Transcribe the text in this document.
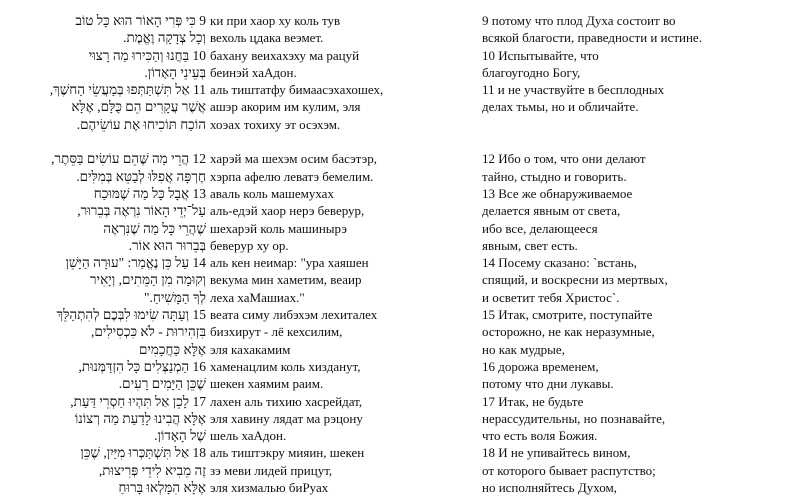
9 כִּי פְּרִי הָאוֹר הוּא כָּל טוֹב
וְכָל צְדָקָה וֶאֱמֶת.
10 בַּחֲנוּ וְהַכִּירוּ מַה רָצוּי
בְּעֵינֵי הָאָדוֹן.
11 אַל תִּשְׁתַּתְּפוּ בְּמַעֲשֵׂי הַחשֶׁךְ,
אֲשֶׁר עֲקָרִים הֵם כֻּלָּם, אֶלָּא
הוֹכַח תּוֹכִיחוּ אֶת עוֹשֵׂיהֶם.
12 הֲרֵי מַה שֶּׁהֵם עוֹשִׂים בַּסֵּתֶר,
חֶרְפָּה אֲפִלּוּ לְבַטֵּא בְּמִלִּים.
13 אֲבָל כָּל מַה שֶׁמּוּכַח
עַל־יְדֵי הָאוֹר נִרְאֶה בְּבֵרוּר,
שֶׁהֲרֵי כָּל מַה שֶׁנִּרְאֶה
בְּבֵרוּר הוּא אוֹר.
14 עַל כֵּן נֶאֱמַר: "עוּרָה הַיָּשֵׁן
וְקוּמָה מִן הַמֵּתִים, וְיָאִיר
לְךָ הַמָּשִׁיחַ."
15 וְעַתָּה שִׂימוּ לִבְּכֶם לְהִתְהַלֵּךְ
בִּזְהִירוּת - לֹא כִּכְסִילִים,
אֶלָּא כַּחֲכָמִים
16 הַמְנַצְּלִים כָּל הִזְדַּמְּנוּת,
שֶׁכֵּן הַיָּמִים רָעִים.
17 לָכֵן אַל תִּהְיוּ חַסְרֵי דַּעַת,
אֶלָּא הֲבִינוּ לָדַעַת מַה רְצוֹנוֹ
שֶׁל הָאָדוֹן.
18 אַל תִּשְׁתַּכְּרוּ מִיַּיִן, שֶׁכֵּן
זֶה מֵבִיא לִידֵי פְּרִיצוּת,
אֶלָּא הִמָּלְאוּ בָּרוּחַ
ки при хаор ху коль тув
вехоль цдака веэмет.
бахану веихахэху ма рацуй
беинэй хаАдон.
аль тиштатфу бимаасэхахошех,
ашэр акорим им кулим, эля
хоэах тохиху эт осэхэм.
харэй ма шехэм осим басэтэр,
хэрпа афелю леватэ бемелим.
аваль коль машемухах
аль-едэй хаор нерэ беверур,
шехарэй коль машинырэ
беверур ху ор.
аль кен неимар: "ура хаяшен
векума мин хаметим, веаир
леха хаМашиах."
веата симу либэхэм лехиталех
бизхирут - лё кехсилим,
эля кахакамим
хаменацлим коль хизданут,
шекен хаямим раим.
лахен аль тихию хасрейдат,
эля хавину лядат ма рэцону
шель хаАдон.
аль тиштэкру мияин, шекен
зэ меви лидей прицут,
эля хизмалью биРуах
9 потому что плод Духа состоит во
всякой благости, праведности и истине.
10 Испытывайте, что
благоугодно Богу,
11 и не участвуйте в бесплодных
делах тьмы, но и обличайте.
12 Ибо о том, что они делают
тайно, стыдно и говорить.
13 Все же обнаруживаемое
делается явным от света,
ибо все, делающееся
явным, свет есть.
14 Посему сказано: `встань,
спящий, и воскресни из мертвых,
и осветит тебя Христос`.
15 Итак, смотрите, поступайте
осторожно, не как неразумные,
но как мудрые,
16 дорожа временем,
потому что дни лукавы.
17 Итак, не будьте
нерассудительны, но познавайте,
что есть воля Божия.
18 И не упивайтесь вином,
от которого бывает распутство;
но исполняйтесь Духом,
